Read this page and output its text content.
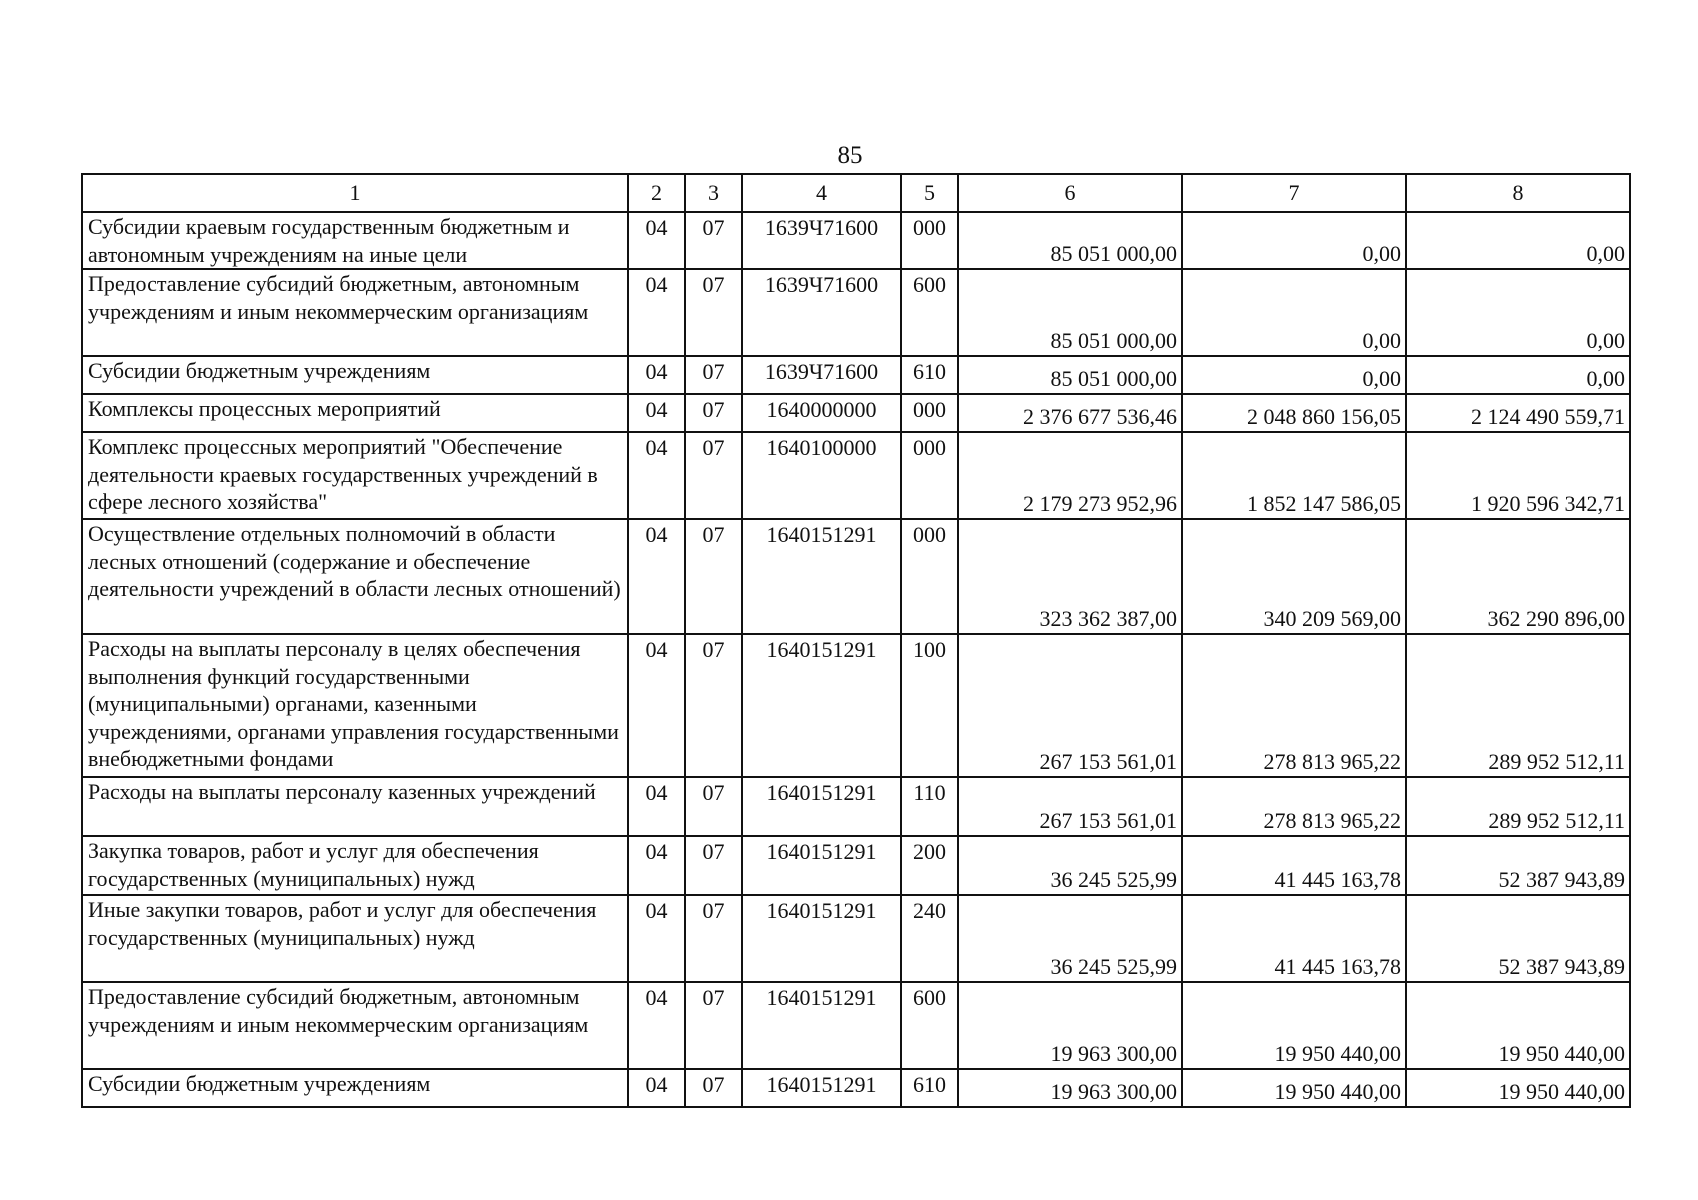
85
1	2	3	4	5	6	7	8
Субсидии краевым государственным бюджетным и автономным учреждениям на иные цели	04	07	1639Ч71600	000	85 051 000,00	0,00	0,00
Предоставление субсидий бюджетным, автономным учреждениям и иным некоммерческим организациям	04	07	1639Ч71600	600	85 051 000,00	0,00	0,00
Субсидии бюджетным учреждениям	04	07	1639Ч71600	610	85 051 000,00	0,00	0,00
Комплексы процессных мероприятий	04	07	1640000000	000	2 376 677 536,46	2 048 860 156,05	2 124 490 559,71
Комплекс процессных мероприятий "Обеспечение деятельности краевых государственных учреждений в сфере лесного хозяйства"	04	07	1640100000	000	2 179 273 952,96	1 852 147 586,05	1 920 596 342,71
Осуществление отдельных полномочий в области лесных отношений (содержание и обеспечение деятельности учреждений в области лесных отношений)	04	07	1640151291	000	323 362 387,00	340 209 569,00	362 290 896,00
Расходы на выплаты персоналу в целях обеспечения выполнения функций государственными (муниципальными) органами, казенными учреждениями, органами управления государственными внебюджетными фондами	04	07	1640151291	100	267 153 561,01	278 813 965,22	289 952 512,11
Расходы на выплаты персоналу казенных учреждений	04	07	1640151291	110	267 153 561,01	278 813 965,22	289 952 512,11
Закупка товаров, работ и услуг для обеспечения государственных (муниципальных) нужд	04	07	1640151291	200	36 245 525,99	41 445 163,78	52 387 943,89
Иные закупки товаров, работ и услуг для обеспечения государственных (муниципальных) нужд	04	07	1640151291	240	36 245 525,99	41 445 163,78	52 387 943,89
Предоставление субсидий бюджетным, автономным учреждениям и иным некоммерческим организациям	04	07	1640151291	600	19 963 300,00	19 950 440,00	19 950 440,00
Субсидии бюджетным учреждениям	04	07	1640151291	610	19 963 300,00	19 950 440,00	19 950 440,00
